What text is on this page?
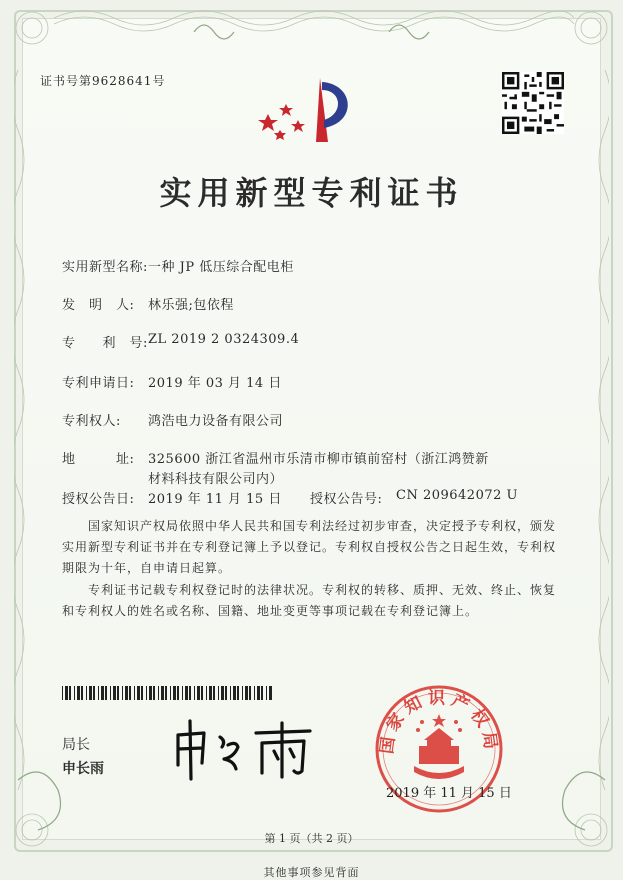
证书号第9628641号
实用新型专利证书
实用新型名称: 一种 JP 低压综合配电柜
发　明　人: 林乐强;包依程
专　　利　号: ZL 2019 2 0324309.4
专利申请日: 2019 年 03 月 14 日
专利权人: 鸿浩电力设备有限公司
地　　　址: 325600 浙江省温州市乐清市柳市镇前窑村（浙江鸿赞新
材料科技有限公司内）
授权公告日: 2019 年 11 月 15 日 授权公告号: CN 209642072 U
国家知识产权局依照中华人民共和国专利法经过初步审查，决定授予专利权，颁发实用新型专利证书并在专利登记簿上予以登记。专利权自授权公告之日起生效，专利权期限为十年，自申请日起算。
专利证书记载专利权登记时的法律状况。专利权的转移、质押、无效、终止、恢复和专利权人的姓名或名称、国籍、地址变更等事项记载在专利登记簿上。
局长
申长雨
国家知识产权局
2019 年 11 月 15 日
第 1 页（共 2 页）
其他事项参见背面
